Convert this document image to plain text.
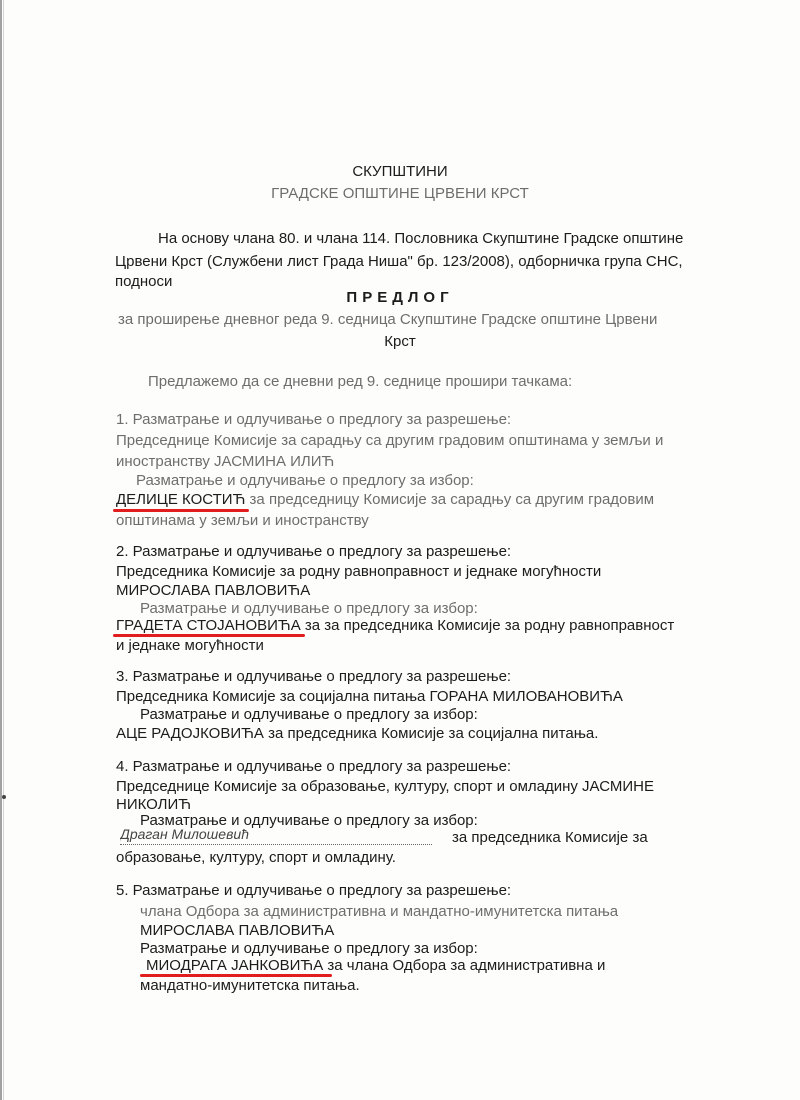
СКУПШТИНИ
ГРАДСКЕ ОПШТИНЕ ЦРВЕНИ КРСТ
На основу члана 80. и члана 114. Пословника Скупштине Градске општине
Црвени Крст (Службени лист Града Ниша" бр. 123/2008), одборничка група СНС,
подноси
ПРЕДЛОГ
за проширење дневног реда 9. седница Скупштине Градске општине Црвени
Крст
Предлажемо да се дневни ред 9. седнице прошири тачкама:
1. Разматрање и одлучивање о предлогу за разрешење:
Председнице Комисије за сарадњу са другим градовим општинама у земљи и
иностранству ЈАСМИНА ИЛИЋ
Разматрање и одлучивање о предлогу за избор:
ДЕЛИЦЕ КОСТИЋ за председницу Комисије за сарадњу са другим градовим
општинама у земљи и иностранству
2. Разматрање и одлучивање о предлогу за разрешење:
Председника Комисије за родну равноправност и једнаке могућности
МИРОСЛАВА ПАВЛОВИЋА
Разматрање и одлучивање о предлогу за избор:
ГРАДЕТА СТОЈАНОВИЋА за за председника Комисије за родну равноправност
и једнаке могућности
3. Разматрање и одлучивање о предлогу за разрешење:
Председника Комисије за социјална питања ГОРАНА МИЛОВАНОВИЋА
Разматрање и одлучивање о предлогу за избор:
АЦЕ РАДОЈКОВИЋА за председника Комисије за социјална питања.
4. Разматрање и одлучивање о предлогу за разрешење:
Председнице Комисије за образовање, културу, спорт и омладину ЈАСМИНЕ
НИКОЛИЋ
Разматрање и одлучивање о предлогу за избор:
Драган Милошевић	за председника Комисије за
образовање, културу, спорт и омладину.
5. Разматрање и одлучивање о предлогу за разрешење:
члана Одбора за административна и мандатно-имунитетска питања
МИРОСЛАВА ПАВЛОВИЋА
Разматрање и одлучивање о предлогу за избор:
МИОДРАГА ЈАНКОВИЋА за члана Одбора за административна и
мандатно-имунитетска питања.
